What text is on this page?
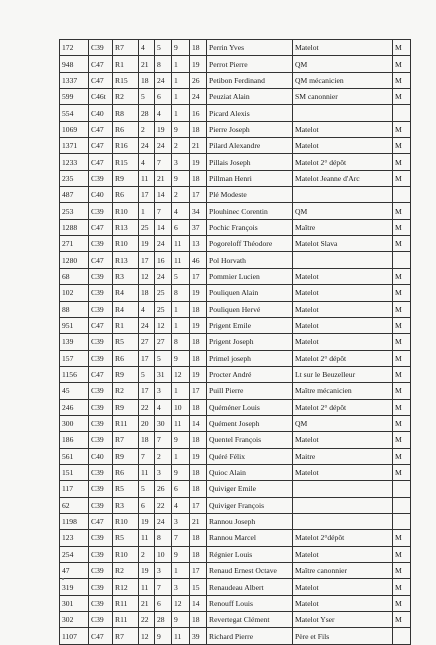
172	C39	R7	4	5	9	18	Perrin Yves	Matelot	M
948	C47	R1	21	8	1	19	Perrot Pierre	QM	M
1337	C47	R15	18	24	1	26	Petibon Ferdinand	QM mécanicien	M
599	C46t	R2	5	6	1	24	Peuziat Alain	SM canonnier	M
554	C40	R8	28	4	1	16	Picard Alexis		
1069	C47	R6	2	19	9	18	Pierre Joseph	Matelot	M
1371	C47	R16	24	24	2	21	Pilard Alexandre	Matelot	M
1233	C47	R15	4	7	3	19	Pillais Joseph	Matelot 2° dépôt	M
235	C39	R9	11	21	9	18	Pillman Henri	Matelot Jeanne d'Arc	M
487	C40	R6	17	14	2	17	Plé Modeste		
253	C39	R10	1	7	4	34	Plouhinec Corentin	QM	M
1288	C47	R13	25	14	6	37	Pochic François	Maître	M
271	C39	R10	19	24	11	13	Pogoreloff Théodore	Matelot Slava	M
1280	C47	R13	17	16	11	46	Pol Horvath		
68	C39	R3	12	24	5	17	Pommier Lucien	Matelot	M
102	C39	R4	18	25	8	19	Pouliquen Alain	Matelot	M
88	C39	R4	4	25	1	18	Pouliquen Hervé	Matelot	M
951	C47	R1	24	12	1	19	Prigent Emile	Matelot	M
139	C39	R5	27	27	8	18	Prigent Joseph	Matelot	M
157	C39	R6	17	5	9	18	Primel joseph	Matelot 2° dépôt	M
1156	C47	R9	5	31	12	19	Procter André	Lt sur le Beuzelleur	M
45	C39	R2	17	3	1	17	Puill Pierre	Maître mécanicien	M
246	C39	R9	22	4	10	18	Quéméner Louis	Matelot 2° dépôt	M
300	C39	R11	20	30	11	14	Quément Joseph	QM	M
186	C39	R7	18	7	9	18	Quentel François	Matelot	M
561	C40	R9	7	2	1	19	Quéré Félix	Maitre	M
151	C39	R6	11	3	9	18	Quioc Alain	Matelot	M
117	C39	R5	5	26	6	18	Quiviger Emile		
62	C39	R3	6	22	4	17	Quiviger François		
1198	C47	R10	19	24	3	21	Rannou Joseph		
123	C39	R5	11	8	7	18	Rannou Marcel	Matelot 2°dépôt	M
254	C39	R10	2	10	9	18	Régnier Louis	Matelot	M
47	C39	R2	19	3	1	17	Renaud Ernest Octave	Maître canonnier	M
319	C39	R12	11	7	3	15	Renaudeau Albert	Matelot	M
301	C39	R11	21	6	12	14	Renouff Louis	Matelot	M
302	C39	R11	22	28	9	18	Revertegat Clément	Matelot Yser	M
1107	C47	R7	12	9	11	39	Richard Pierre	Père et Fils	
